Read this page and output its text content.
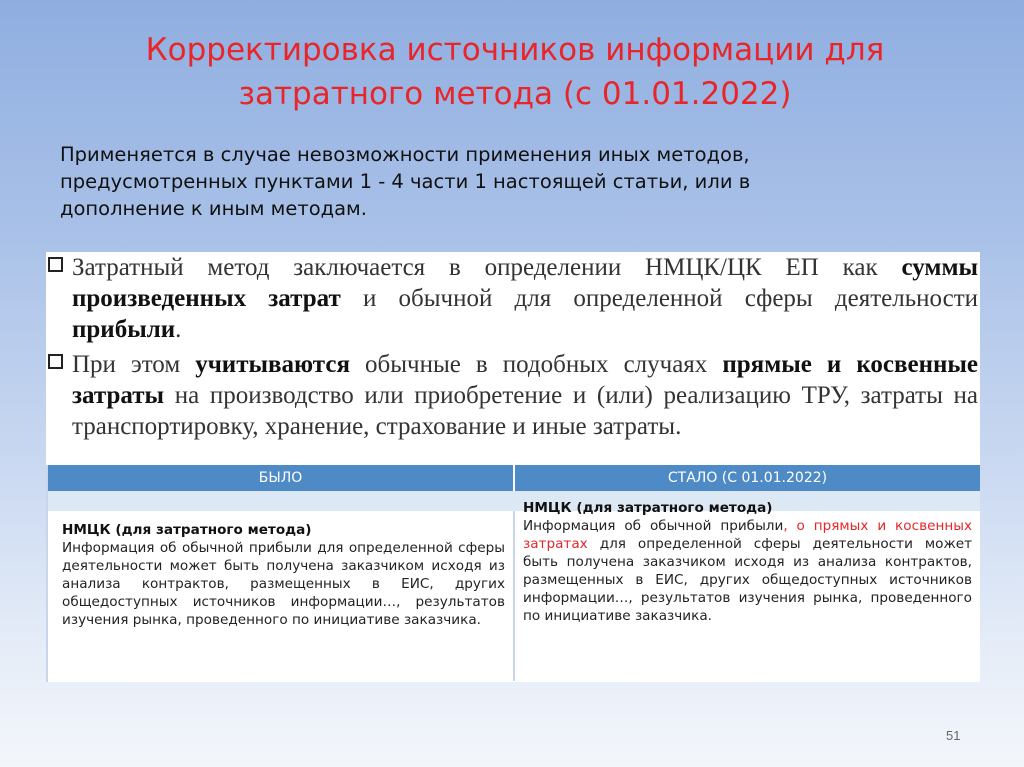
Корректировка источников информации для затратного метода (с 01.01.2022)
Применяется в случае невозможности применения иных методов, предусмотренных пунктами 1 - 4 части 1 настоящей статьи, или в дополнение к иным методам.
Затратный метод заключается в определении НМЦК/ЦК ЕП как суммы произведенных затрат и обычной для определенной сферы деятельности прибыли.
При этом учитываются обычные в подобных случаях прямые и косвенные затраты на производство или приобретение и (или) реализацию ТРУ, затраты на транспортировку, хранение, страхование и иные затраты.
БЫЛО	СТАЛО (С 01.01.2022)
НМЦК (для затратного метода)
Информация об обычной прибыли для определенной сферы деятельности может быть получена заказчиком исходя из анализа контрактов, размещенных в ЕИС, других общедоступных источников информации…, результатов изучения рынка, проведенного по инициативе заказчика.
НМЦК (для затратного метода)
Информация об обычной прибыли, о прямых и косвенных затратах для определенной сферы деятельности может быть получена заказчиком исходя из анализа контрактов, размещенных в ЕИС, других общедоступных источников информации…, результатов изучения рынка, проведенного по инициативе заказчика.
51
